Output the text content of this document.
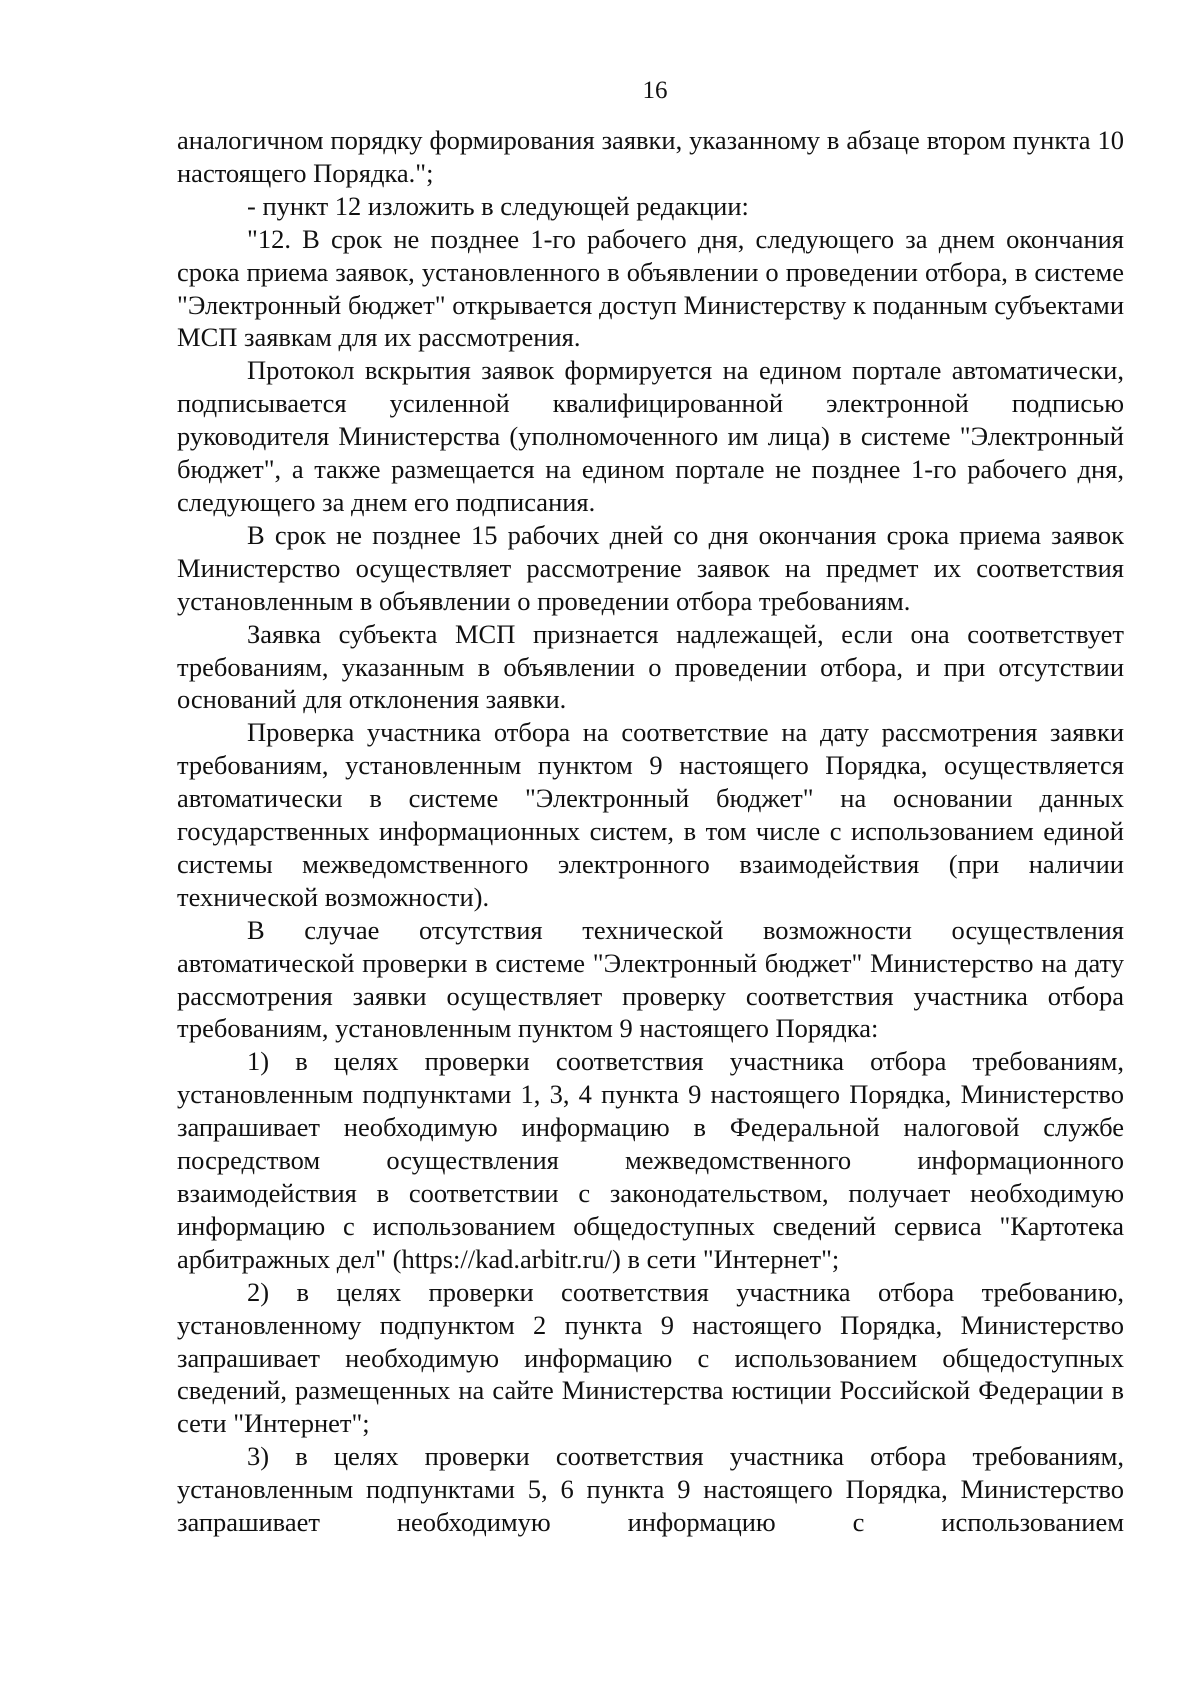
16

аналогичном порядку формирования заявки, указанному в абзаце втором пункта 10 настоящего Порядка.";

- пункт 12 изложить в следующей редакции:

"12. В срок не позднее 1-го рабочего дня, следующего за днем окончания срока приема заявок, установленного в объявлении о проведении отбора, в системе "Электронный бюджет" открывается доступ Министерству к поданным субъектами МСП заявкам для их рассмотрения.

Протокол вскрытия заявок формируется на едином портале автоматически, подписывается усиленной квалифицированной электронной подписью руководителя Министерства (уполномоченного им лица) в системе "Электронный бюджет", а также размещается на едином портале не позднее 1-го рабочего дня, следующего за днем его подписания.

В срок не позднее 15 рабочих дней со дня окончания срока приема заявок Министерство осуществляет рассмотрение заявок на предмет их соответствия установленным в объявлении о проведении отбора требованиям.

Заявка субъекта МСП признается надлежащей, если она соответствует требованиям, указанным в объявлении о проведении отбора, и при отсутствии оснований для отклонения заявки.

Проверка участника отбора на соответствие на дату рассмотрения заявки требованиям, установленным пунктом 9 настоящего Порядка, осуществляется автоматически в системе "Электронный бюджет" на основании данных государственных информационных систем, в том числе с использованием единой системы межведомственного электронного взаимодействия (при наличии технической возможности).

В случае отсутствия технической возможности осуществления автоматической проверки в системе "Электронный бюджет" Министерство на дату рассмотрения заявки осуществляет проверку соответствия участника отбора требованиям, установленным пунктом 9 настоящего Порядка:

1) в целях проверки соответствия участника отбора требованиям, установленным подпунктами 1, 3, 4 пункта 9 настоящего Порядка, Министерство запрашивает необходимую информацию в Федеральной налоговой службе посредством осуществления межведомственного информационного взаимодействия в соответствии с законодательством, получает необходимую информацию с использованием общедоступных сведений сервиса "Картотека арбитражных дел" (https://kad.arbitr.ru/) в сети "Интернет";

2) в целях проверки соответствия участника отбора требованию, установленному подпунктом 2 пункта 9 настоящего Порядка, Министерство запрашивает необходимую информацию с использованием общедоступных сведений, размещенных на сайте Министерства юстиции Российской Федерации в сети "Интернет";

3) в целях проверки соответствия участника отбора требованиям, установленным подпунктами 5, 6 пункта 9 настоящего Порядка, Министерство запрашивает необходимую информацию с использованием
